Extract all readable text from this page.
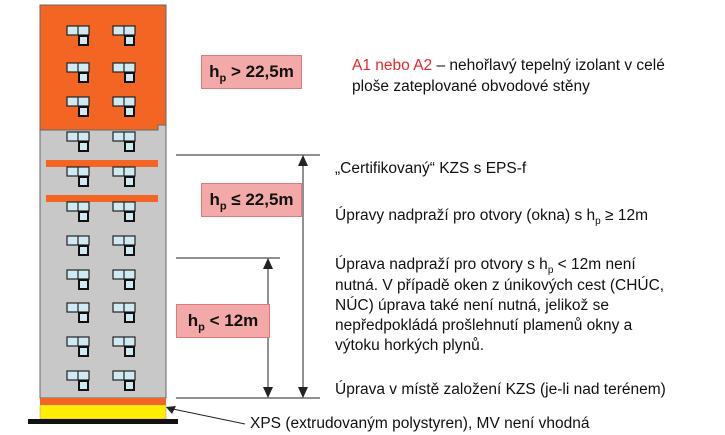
$h_p > 22,5m$
$h_p \le 22,5m$
$h_p < 12m$
A1 nebo A2 – nehořlavý tepelný izolant v celé
ploše zateplované obvodové stěny
„Certifikovaný“ KZS s EPS-f
Úpravy nadpraží pro otvory (okna) s $h_p \ge 12m$
Úprava nadpraží pro otvory s $h_p < 12m$ není
nutná. V případě oken z únikových cest (CHÚC,
NÚC) úprava také není nutná, jelikož se
nepředpokládá prošlehnutí plamenů okny a
výtoku horkých plynů.
Úprava v místě založení KZS (je-li nad terénem)
XPS (extrudovaným polystyren), MV není vhodná
